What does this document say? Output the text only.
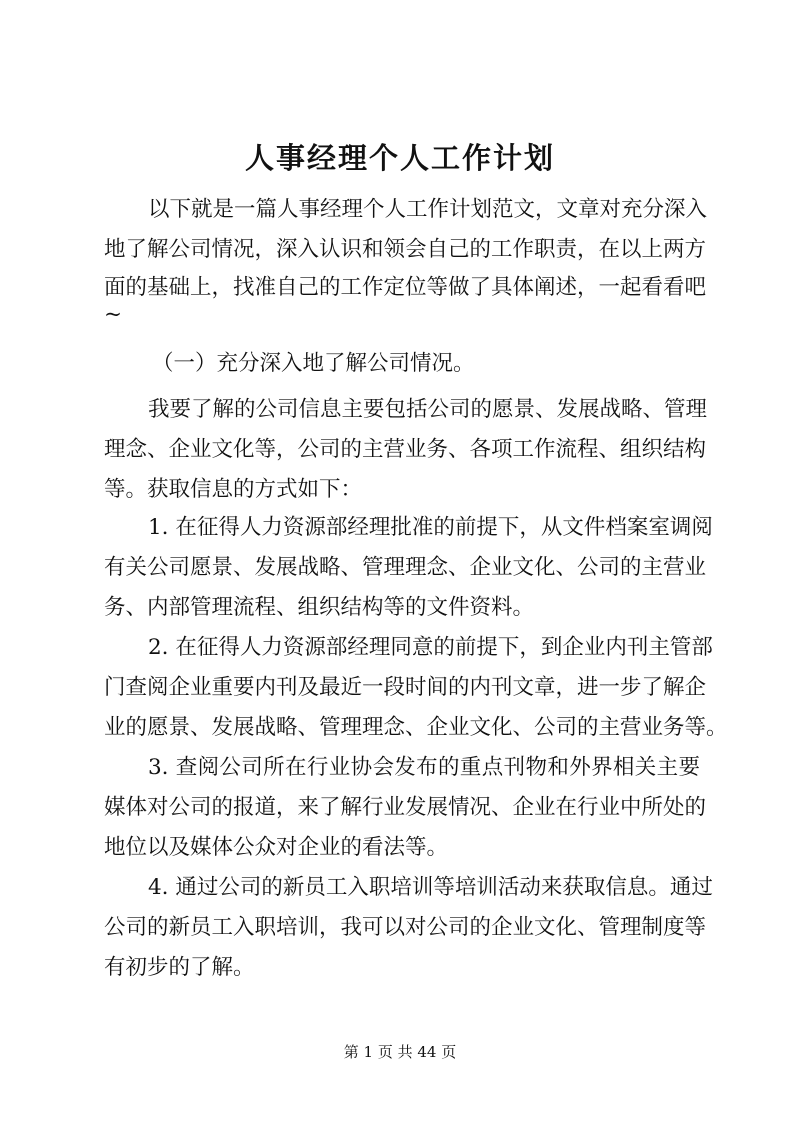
人事经理个人工作计划
以下就是一篇人事经理个人工作计划范文，文章对充分深入
地了解公司情况，深入认识和领会自己的工作职责，在以上两方
面的基础上，找准自己的工作定位等做了具体阐述，一起看看吧
~
（一）充分深入地了解公司情况。
我要了解的公司信息主要包括公司的愿景、发展战略、管理
理念、企业文化等，公司的主营业务、各项工作流程、组织结构
等。获取信息的方式如下：
1. 在征得人力资源部经理批准的前提下，从文件档案室调阅
有关公司愿景、发展战略、管理理念、企业文化、公司的主营业
务、内部管理流程、组织结构等的文件资料。
2. 在征得人力资源部经理同意的前提下，到企业内刊主管部
门查阅企业重要内刊及最近一段时间的内刊文章，进一步了解企
业的愿景、发展战略、管理理念、企业文化、公司的主营业务等。
3. 查阅公司所在行业协会发布的重点刊物和外界相关主要
媒体对公司的报道，来了解行业发展情况、企业在行业中所处的
地位以及媒体公众对企业的看法等。
4. 通过公司的新员工入职培训等培训活动来获取信息。通过
公司的新员工入职培训，我可以对公司的企业文化、管理制度等
有初步的了解。
第 1 页 共 44 页
